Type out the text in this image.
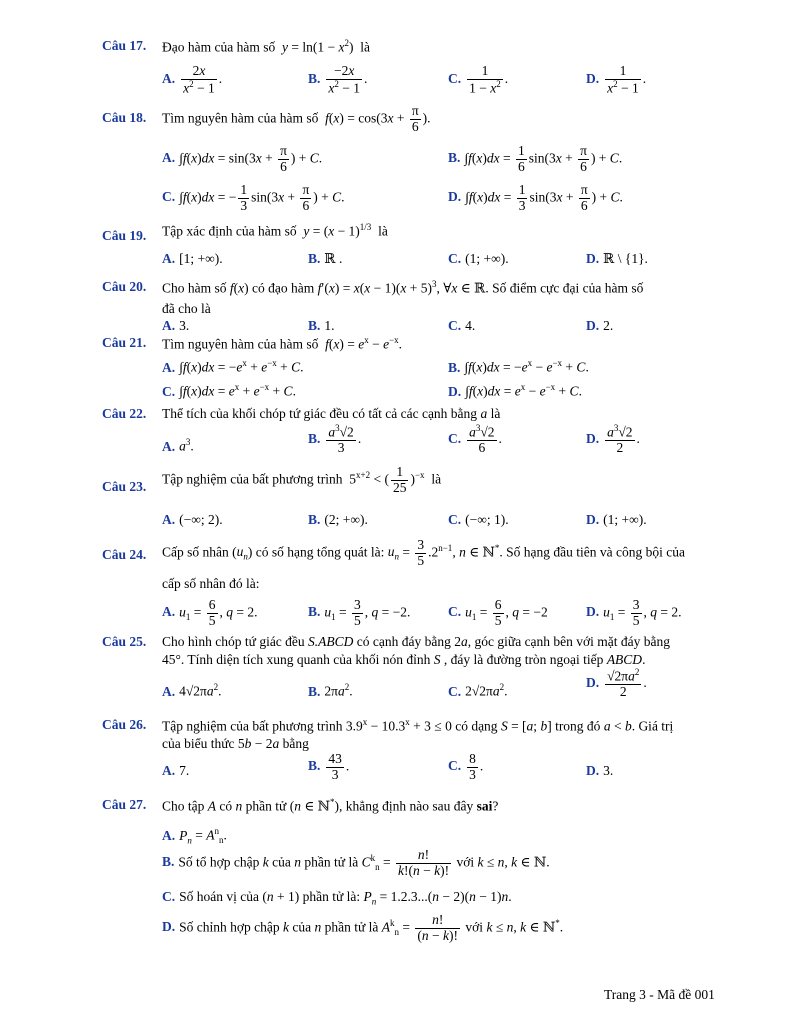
Câu 17. Đạo hàm của hàm số $y = \ln(1 - x^2)$  là
A. $\frac{2x}{x^2 - 1}$ .	B. $\frac{-2x}{x^2 - 1}$ .	C. $\frac{1}{1 - x^2}$ .	D. $\frac{1}{x^2 - 1}$ .
Câu 18. Tìm nguyên hàm của hàm số $f(x) = \cos(3x + \frac{\pi}{6}$ ).
A. $\int f(x)dx = \sin(3x + \frac{\pi}{6}$ ) + C.	B. $\int f(x)dx = \frac{1}{6} \sin(3x + \frac{\pi}{6}$ ) + C.
C. ∫f(x)dx = − $\frac{1}{3} \sin(3x + \frac{\pi}{6}$ ) + C.	D. $\int f(x)dx = \frac{1}{3} \sin(3x + \frac{\pi}{6}$ ) + C.
Câu 19. Tập xác định của hàm số $y = (x - 1)^{1/3}$ là
A. [1; +∞).	B. ℝ .	C. (1; +∞).	D. ℝ \ {1}.
Câu 20. Cho hàm số f(x) có đạo hàm $f'(x) = x(x - 1)(x + 5)^3$, ∀x ∈ ℝ. Số điểm cực đại của hàm số
đã cho là
A. 3.	B. 1.	C. 4.	D. 2.
Câu 21. Tìm nguyên hàm của hàm số $f(x) = e^x - e^{-x}$.
A. $\int f(x)dx = -e^x + e^{-x} + C$.	B. $\int f(x)dx = -e^x - e^{-x} + C$.
C. $\int f(x)dx = e^x + e^{-x} + C$.	D. $\int f(x)dx = e^x - e^{-x} + C$.
Câu 22. Thể tích của khối chóp tứ giác đều có tất cả các cạnh bằng a là
A. $a^3$.	B. $\frac{a^3√2}{3}$ .	C. $\frac{a^3√2}{6}$ .	D. $\frac{a^3√2}{2}$ .
Câu 23.
Tập nghiệm của bất phương trình  $5^{x+2}$ < ( $\frac{1}{25} )^{-x}$ là
A. (−∞; 2).	B. (2; +∞).	C. (−∞; 1).	D. (1; +∞).
Câu 24. Cấp số nhân $(u_n)$ có số hạng tổng quát là: $u_n = \frac{3}{5} .2^{n-1}$, n ∈ ℕ*. Số hạng đầu tiên và công bội của
cấp số nhân đó là:
A. $u_1 = \frac{6}{5}$ , q = 2.	B. $u_1 = \frac{3}{5}$ , q = −2.	C. $u_1 = \frac{6}{5}$ , q = −2	D. $u_1 = \frac{3}{5}$ , q = 2.
Câu 25. Cho hình chóp tứ giác đều S.ABCD có cạnh đáy bằng 2a, góc giữa cạnh bên với mặt đáy bằng
45°. Tính diện tích xung quanh của khối nón đỉnh S , đáy là đường tròn ngoại tiếp ABCD.
A. $4√2\pi a^2$.	B. $2\pi a^2$.	C. $2√2\pi a^2$.
D. $\frac{√2\pi a^2}{2}$ .
Câu 26. Tập nghiệm của bất phương trình $3.9^x - 10.3^x + 3 \le 0$ có dạng S = [a; b] trong đó a < b. Giá trị
của biểu thức 5b − 2a bằng
A. 7.	B. $\frac{43}{3}$ .	C. $\frac{8}{3}$ .	D. 3.
Câu 27. Cho tập A có n phần tử (n ∈ ℕ*), khẳng định nào sau đây sai?
A. $P_n = A^n_n$.
B. Số tổ hợp chập k của n phần tử là $C^k_n = \frac{n!}{k!(n - k)!}$ với k ≤ n, k ∈ ℕ.
C. Số hoán vị của (n + 1) phần tử là: $P_n = 1.2.3...(n - 2)(n - 1)n$.
D. Số chỉnh hợp chập k của n phần tử là $A^k_n = \frac{n!}{(n - k)!}$ với k ≤ n, k ∈ ℕ*.
Trang 3 - Mã đề 001
